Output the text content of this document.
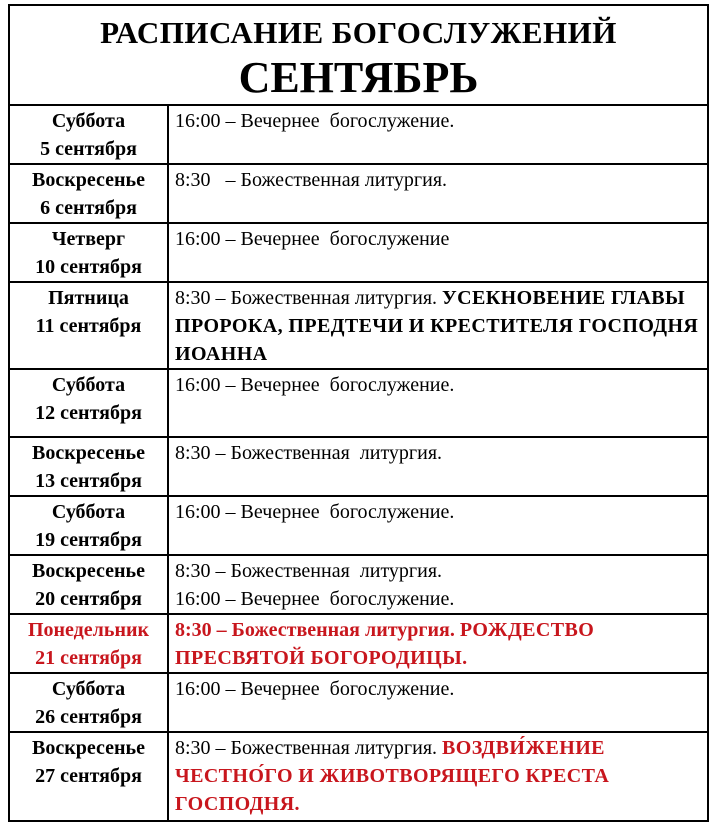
РАСПИСАНИЕ БОГОСЛУЖЕНИЙ
СЕНТЯБРЬ
Суббота
5 сентября	16:00 – Вечернее  богослужение.

Воскресенье
6 сентября	8:30   – Божественная литургия.

Четверг
10 сентября	16:00 – Вечернее  богослужение

Пятница
11 сентября	8:30 – Божественная литургия. УСЕКНОВЕНИЕ ГЛАВЫ ПРОРОКА, ПРЕДТЕЧИ И КРЕСТИТЕЛЯ ГОСПОДНЯ ИОАННА

Суббота
12 сентября	16:00 – Вечернее  богослужение.

Воскресенье
13 сентября	8:30 – Божественная  литургия.

Суббота
19 сентября	16:00 – Вечернее  богослужение.

Воскресенье
20 сентября	8:30 – Божественная  литургия.
16:00 – Вечернее  богослужение.

Понедельник
21 сентября	8:30 – Божественная литургия. РОЖДЕСТВО ПРЕСВЯТОЙ БОГОРОДИЦЫ.

Суббота
26 сентября	16:00 – Вечернее  богослужение.

Воскресенье
27 сентября	8:30 – Божественная литургия. ВОЗДВИ́ЖЕНИЕ ЧЕСТНО́ГО И ЖИВОТВОРЯЩЕГО КРЕСТА ГОСПОДНЯ.
